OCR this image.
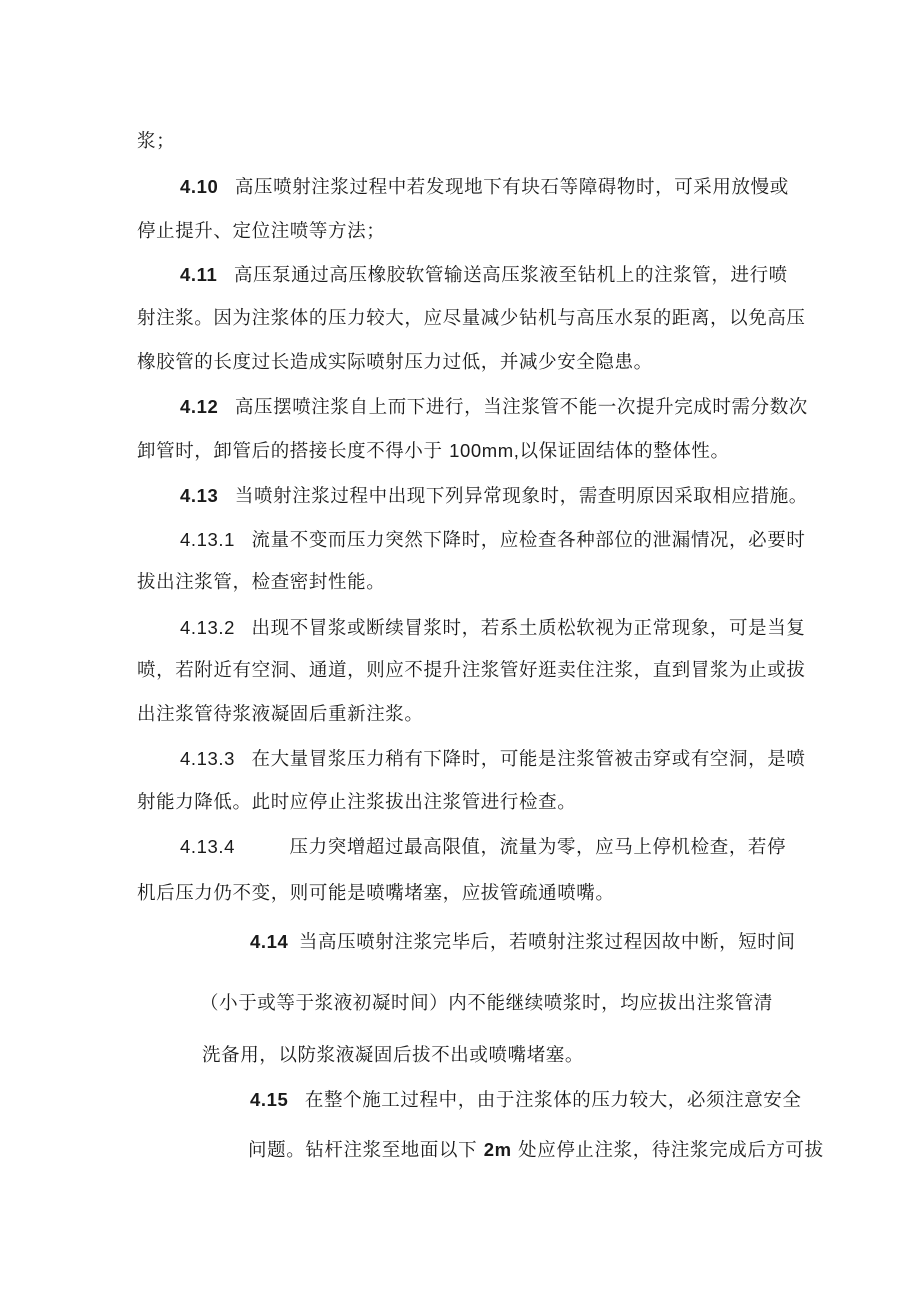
浆；
4.10 高压喷射注浆过程中若发现地下有块石等障碍物时，可采用放慢或
停止提升、定位注喷等方法；
4.11 高压泵通过高压橡胶软管输送高压浆液至钻机上的注浆管，进行喷
射注浆。因为注浆体的压力较大，应尽量减少钻机与高压水泵的距离，以免高压
橡胶管的长度过长造成实际喷射压力过低，并减少安全隐患。
4.12 高压摆喷注浆自上而下进行，当注浆管不能一次提升完成时需分数次
卸管时，卸管后的搭接长度不得小于 100mm,以保证固结体的整体性。
4.13 当喷射注浆过程中出现下列异常现象时，需查明原因采取相应措施。
4.13.1 流量不变而压力突然下降时，应检查各种部位的泄漏情况，必要时
拔出注浆管，检查密封性能。
4.13.2 出现不冒浆或断续冒浆时，若系土质松软视为正常现象，可是当复
喷，若附近有空洞、通道，则应不提升注浆管好逛卖住注浆，直到冒浆为止或拔
出注浆管待浆液凝固后重新注浆。
4.13.3 在大量冒浆压力稍有下降时，可能是注浆管被击穿或有空洞，是喷
射能力降低。此时应停止注浆拔出注浆管进行检查。
4.13.4	压力突增超过最高限值，流量为零，应马上停机检查，若停
机后压力仍不变，则可能是喷嘴堵塞，应拔管疏通喷嘴。
4.14 当高压喷射注浆完毕后，若喷射注浆过程因故中断，短时间
（小于或等于浆液初凝时间）内不能继续喷浆时，均应拔出注浆管清
洗备用，以防浆液凝固后拔不出或喷嘴堵塞。
4.15 在整个施工过程中，由于注浆体的压力较大，必须注意安全
问题。钻杆注浆至地面以下 2m 处应停止注浆，待注浆完成后方可拔
